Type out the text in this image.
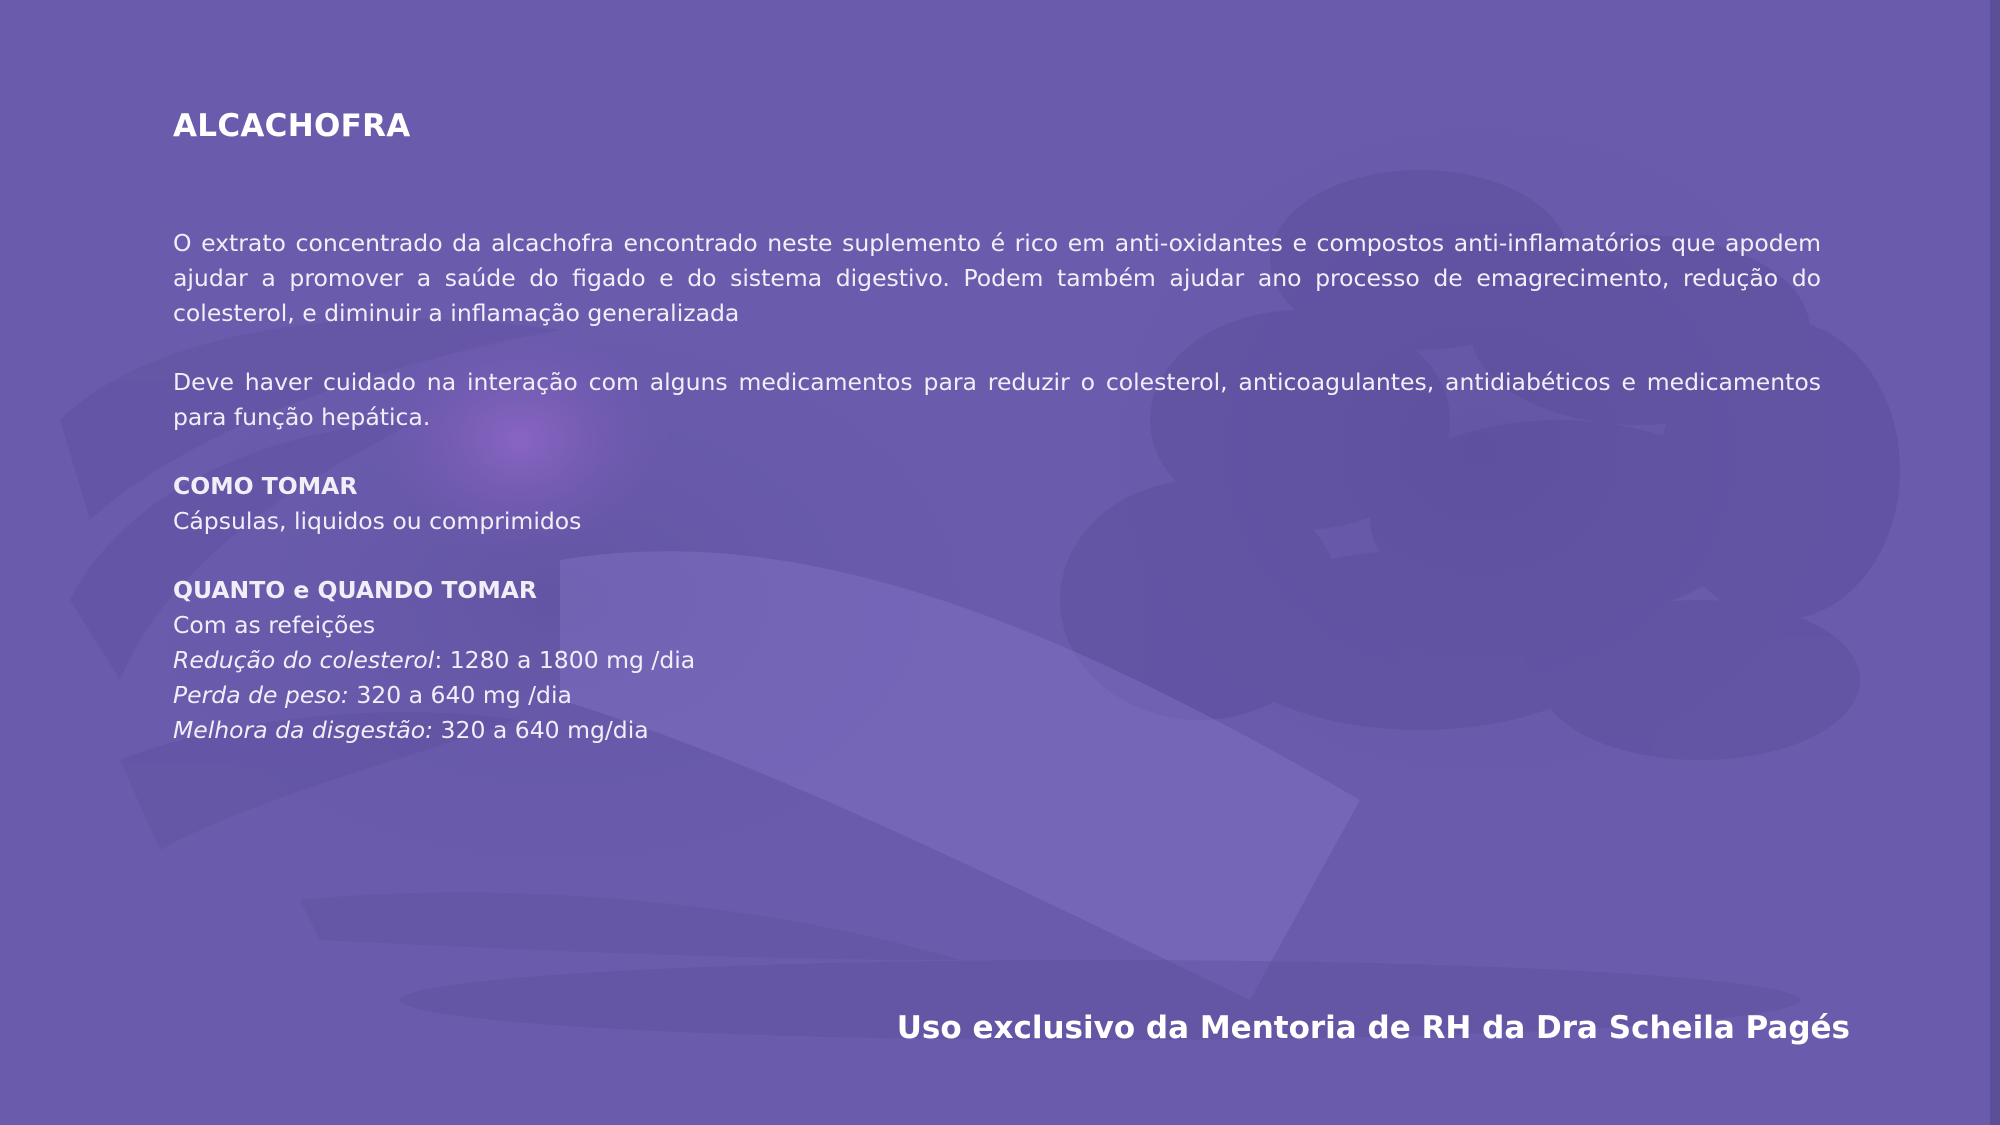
ALCACHOFRA

O extrato concentrado da alcachofra encontrado neste suplemento é rico em anti-oxidantes e compostos anti-inflamatórios que apodem ajudar a promover a saúde do figado e do sistema digestivo. Podem também ajudar ano processo de emagrecimento, redução do colesterol, e diminuir a inflamação generalizada

Deve haver cuidado na interação com alguns medicamentos para reduzir o colesterol, anticoagulantes, antidiabéticos e medicamentos para função hepática.

COMO TOMAR
Cápsulas, liquidos ou comprimidos
QUANTO e QUANDO TOMAR
Com as refeições
Redução do colesterol: 1280 a 1800 mg /dia
Perda de peso: 320 a 640 mg /dia
Melhora da disgestão: 320 a 640 mg/dia
Uso exclusivo da Mentoria de RH da Dra Scheila Pagés
